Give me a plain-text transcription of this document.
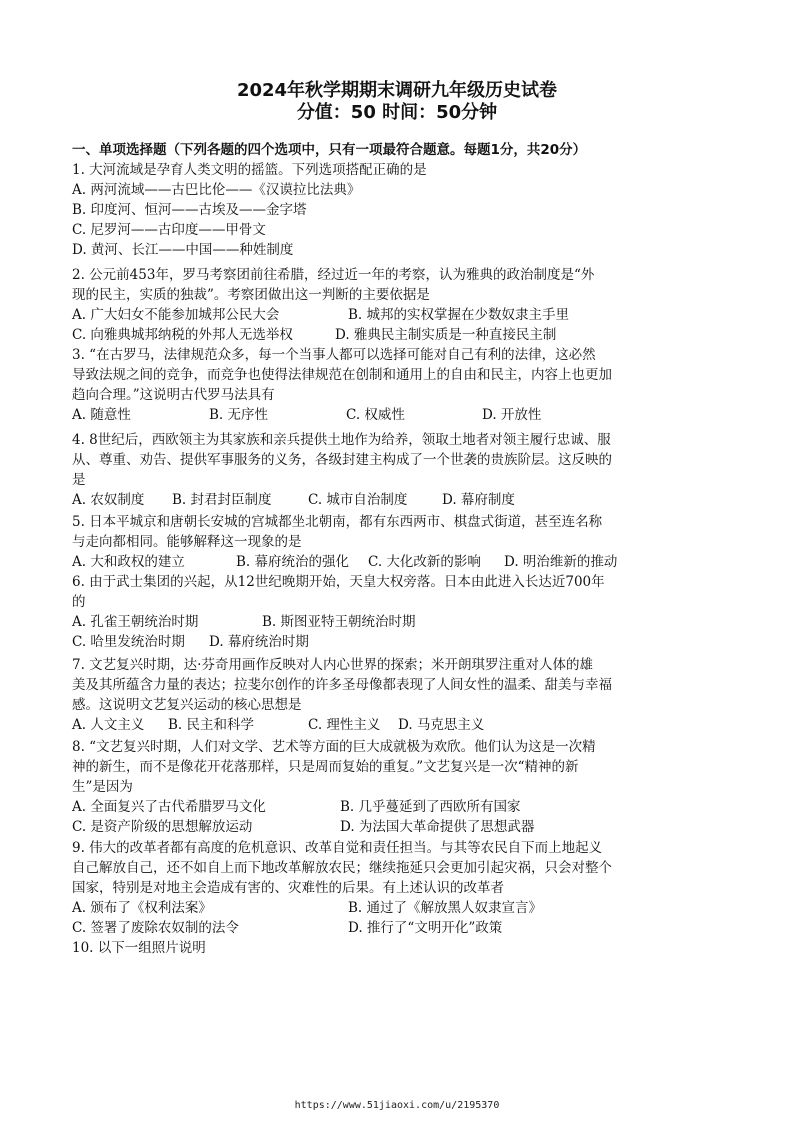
2024年秋学期期末调研九年级历史试卷
分值：50 时间：50分钟
一、单项选择题（下列各题的四个选项中，只有一项最符合题意。每题1分，共20分）
1. 大河流域是孕育人类文明的摇篮。下列选项搭配正确的是
A. 两河流域——古巴比伦——《汉谟拉比法典》
B. 印度河、恒河——古埃及——金字塔
C. 尼罗河——古印度——甲骨文
D. 黄河、长江——中国——种姓制度
2. 公元前453年，罗马考察团前往希腊，经过近一年的考察，认为雅典的政治制度是“外
现的民主，实质的独裁”。考察团做出这一判断的主要依据是
A. 广大妇女不能参加城邦公民大会	B. 城邦的实权掌握在少数奴隶主手里
C. 向雅典城邦纳税的外邦人无选举权	D. 雅典民主制实质是一种直接民主制
3. “在古罗马，法律规范众多，每一个当事人都可以选择可能对自己有利的法律，这必然
导致法规之间的竞争，而竞争也使得法律规范在创制和通用上的自由和民主，内容上也更加
趋向合理。”这说明古代罗马法具有
A. 随意性	B. 无序性	C. 权威性	D. 开放性
4. 8世纪后，西欧领主为其家族和亲兵提供土地作为给养，领取土地者对领主履行忠诚、服
从、尊重、劝告、提供军事服务的义务，各级封建主构成了一个世袭的贵族阶层。这反映的
是
A. 农奴制度 B. 封君封臣制度	C. 城市自治制度	D. 幕府制度
5. 日本平城京和唐朝长安城的宫城都坐北朝南，都有东西两市、棋盘式街道，甚至连名称
与走向都相同。能够解释这一现象的是
A. 大和政权的建立	B. 幕府统治的强化 C. 大化改新的影响 D. 明治维新的推动
6. 由于武士集团的兴起，从12世纪晚期开始，天皇大权旁落。日本由此进入长达近700年
的
A. 孔雀王朝统治时期	B. 斯图亚特王朝统治时期
C. 哈里发统治时期 D. 幕府统治时期
7. 文艺复兴时期，达·芬奇用画作反映对人内心世界的探索；米开朗琪罗注重对人体的雄
美及其所蕴含力量的表达；拉斐尔创作的许多圣母像都表现了人间女性的温柔、甜美与幸福
感。这说明文艺复兴运动的核心思想是
A. 人文主义 B. 民主和科学	C. 理性主义 D. 马克思主义
8. “文艺复兴时期，人们对文学、艺术等方面的巨大成就极为欢欣。他们认为这是一次精
神的新生，而不是像花开花落那样，只是周而复始的重复。”文艺复兴是一次“精神的新
生”是因为
A. 全面复兴了古代希腊罗马文化	B. 几乎蔓延到了西欧所有国家
C. 是资产阶级的思想解放运动	D. 为法国大革命提供了思想武器
9. 伟大的改革者都有高度的危机意识、改革自觉和责任担当。与其等农民自下而上地起义
自己解放自己，还不如自上而下地改革解放农民；继续拖延只会更加引起灾祸，只会对整个
国家，特别是对地主会造成有害的、灾难性的后果。有上述认识的改革者
A. 颁布了《权利法案》	B. 通过了《解放黑人奴隶宣言》
C. 签署了废除农奴制的法令	D. 推行了“文明开化”政策
10. 以下一组照片说明
https://www.51jiaoxi.com/u/2195370
